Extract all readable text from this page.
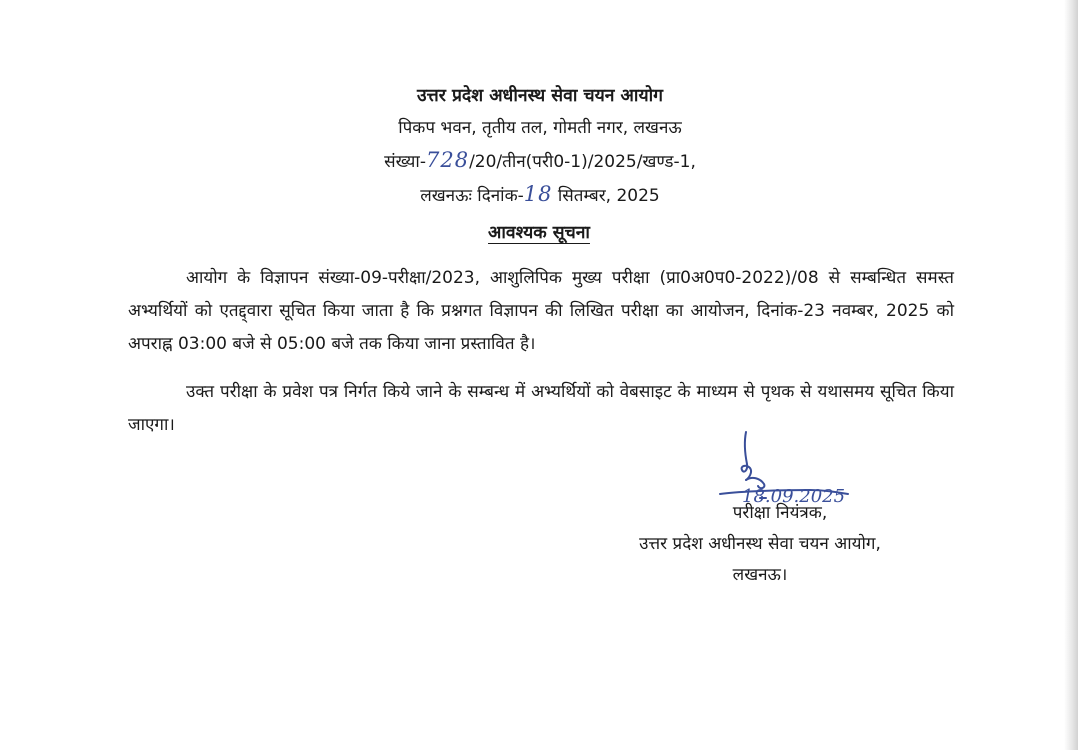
उत्तर प्रदेश अधीनस्थ सेवा चयन आयोग
पिकप भवन, तृतीय तल, गोमती नगर, लखनऊ
संख्या-728/20/तीन(परी0-1)/2025/खण्ड-1,
लखनऊः दिनांक-18 सितम्बर, 2025
आवश्यक सूचना
आयोग के विज्ञापन संख्या-09-परीक्षा/2023, आशुलिपिक मुख्य परीक्षा (प्रा0अ0प0-2022)/08 से सम्बन्धित समस्त अभ्यर्थियों को एतद्द्वारा सूचित किया जाता है कि प्रश्नगत विज्ञापन की लिखित परीक्षा का आयोजन, दिनांक-23 नवम्बर, 2025 को अपराह्न 03:00 बजे से 05:00 बजे तक किया जाना प्रस्तावित है।
उक्त परीक्षा के प्रवेश पत्र निर्गत किये जाने के सम्बन्ध में अभ्यर्थियों को वेबसाइट के माध्यम से पृथक से यथासमय सूचित किया जाएगा।
18.09.2025
परीक्षा नियंत्रक,
उत्तर प्रदेश अधीनस्थ सेवा चयन आयोग,
लखनऊ।
